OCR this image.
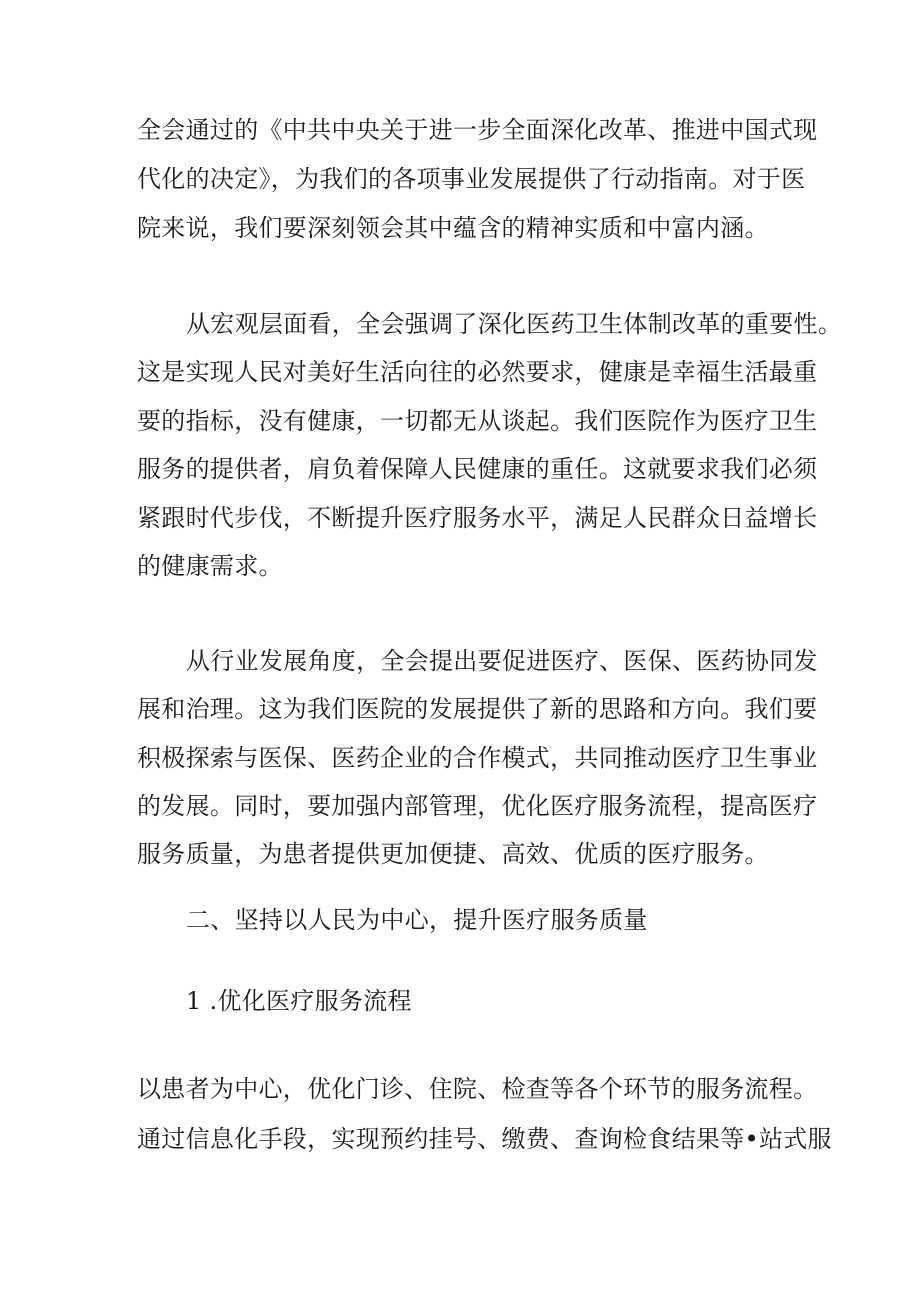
全会通过的《中共中央关于进一步全面深化改革、推进中国式现
代化的决定》，为我们的各项事业发展提供了行动指南。对于医
院来说，我们要深刻领会其中蕴含的精神实质和中富内涵。
从宏观层面看，全会强调了深化医药卫生体制改革的重要性。
这是实现人民对美好生活向往的必然要求，健康是幸福生活最重
要的指标，没有健康，一切都无从谈起。我们医院作为医疗卫生
服务的提供者，肩负着保障人民健康的重任。这就要求我们必须
紧跟时代步伐，不断提升医疗服务水平，满足人民群众日益增长
的健康需求。
从行业发展角度，全会提出要促进医疗、医保、医药协同发
展和治理。这为我们医院的发展提供了新的思路和方向。我们要
积极探索与医保、医药企业的合作模式，共同推动医疗卫生事业
的发展。同时，要加强内部管理，优化医疗服务流程，提高医疗
服务质量，为患者提供更加便捷、高效、优质的医疗服务。
二、坚持以人民为中心，提升医疗服务质量
1 .优化医疗服务流程
以患者为中心，优化门诊、住院、检查等各个环节的服务流程。
通过信息化手段，实现预约挂号、缴费、查询检食结果等•站式服
